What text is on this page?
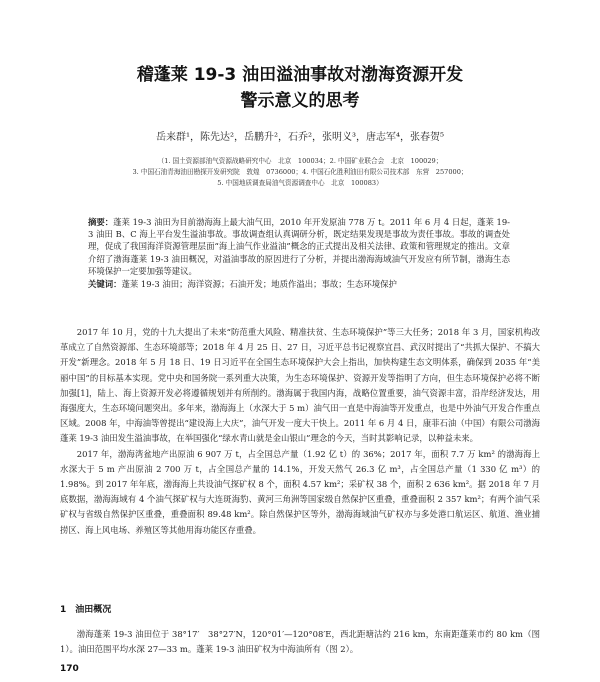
稽蓬莱 19-3 油田溢油事故对渤海资源开发
警示意义的思考
岳来群¹，陈先达²，岳鹏升²，石乔²，张明义³，唐志军⁴，张春贺⁵
（1. 国土资源部油气资源战略研究中心　北京　100034；2. 中国矿业联合会　北京　100029；
3. 中国石油青海油田勘探开发研究院　敦煌　0736000；4. 中国石化胜利油田有限公司技术部　东营　257000；
5. 中国地质调查局油气资源调查中心　北京　100083）
摘要：蓬莱 19-3 油田为目前渤海海上最大油气田，2010 年开发原油 778 万 t。2011 年 6 月 4 日起，蓬莱 19-3 油田 B、C 海上平台发生溢油事故。事故调查组认真调研分析，既定结果发现是事故为责任事故。事故的调查处理，促成了我国海洋资源管理层面“海上油气作业溢油”概念的正式提出及相关法律、政策和管理规定的推出。文章介绍了渤海蓬莱 19-3 油田概况，对溢油事故的原因进行了分析，并提出渤海海域油气开发应有所节制，渤海生态环境保护一定要加强等建议。
关键词：蓬莱 19-3 油田；海洋资源；石油开发；地质作溢出；事故；生态环境保护

2017 年 10 月，党的十九大提出了未来“防范重大风险、精准扶贫、生态环境保护”等三大任务；2018 年 3 月，国家机构改革成立了自然资源部、生态环境部等；2018 年 4 月 25 日、27 日，习近平总书记视察宜昌、武汉时提出了“共抓大保护、不搞大开发”新理念。2018 年 5 月 18 日、19 日习近平在全国生态环境保护大会上指出，加快构建生态文明体系，确保到 2035 年“美丽中国”的目标基本实现。党中央和国务院一系列重大决策，为生态环境保护、资源开发等指明了方向，但生态环境保护必将不断加强[1]，陆上、海上资源开发必将遵循规划并有所削约。渤海属于我国内海，战略位置重要，油气资源丰富，沿岸经济发达，用海强度大，生态环境问题突出。多年来，渤海海上（水深大于 5 m）油气田一直是中海油等开发重点，也是中外油气开发合作重点区域。2008 年，中海油等曾提出“建设海上大庆”，油气开发一度大干快上。2011 年 6 月 4 日，康菲石油（中国）有限公司渤海蓬莱 19-3 油田发生溢油事故，在举国强化“绿水青山就是金山银山”理念的今天，当时其影响记录，以种益未来。

2017 年，渤海湾盆地产出原油 6 907 万 t，占全国总产量（1.92 亿 t）的 36%；2017 年，面积 7.7 万 km² 的渤海海上水深大于 5 m 产出原油 2 700 万 t，占全国总产量的 14.1%，开发天然气 26.3 亿 m³，占全国总产量（1 330 亿 m³）的 1.98%。到 2017 年年底，渤海海上共设油气探矿权 8 个，面积 4.57 km²；采矿权 38 个，面积 2 636 km²。据 2018 年 7 月底数据，渤海海域有 4 个油气探矿权与大连斑海豹、黄河三角洲等国家级自然保护区重叠，重叠面积 2 357 km²；有两个油气采矿权与省级自然保护区重叠，重叠面积 89.48 km²。除自然保护区等外，渤海海域油气矿权亦与多处港口航运区、航道、渔业捕捞区、海上风电场、养殖区等其他用海功能区存重叠。

1　油田概况

渤海蓬莱 19-3 油田位于 38°17′　38°27′N，120°01′—120°08′E，西北距塘沽约 216 km，东南距蓬莱市约 80 km（图 1）。油田范围平均水深 27—33 m。蓬莱 19-3 油田矿权为中海油所有（图 2）。

170
